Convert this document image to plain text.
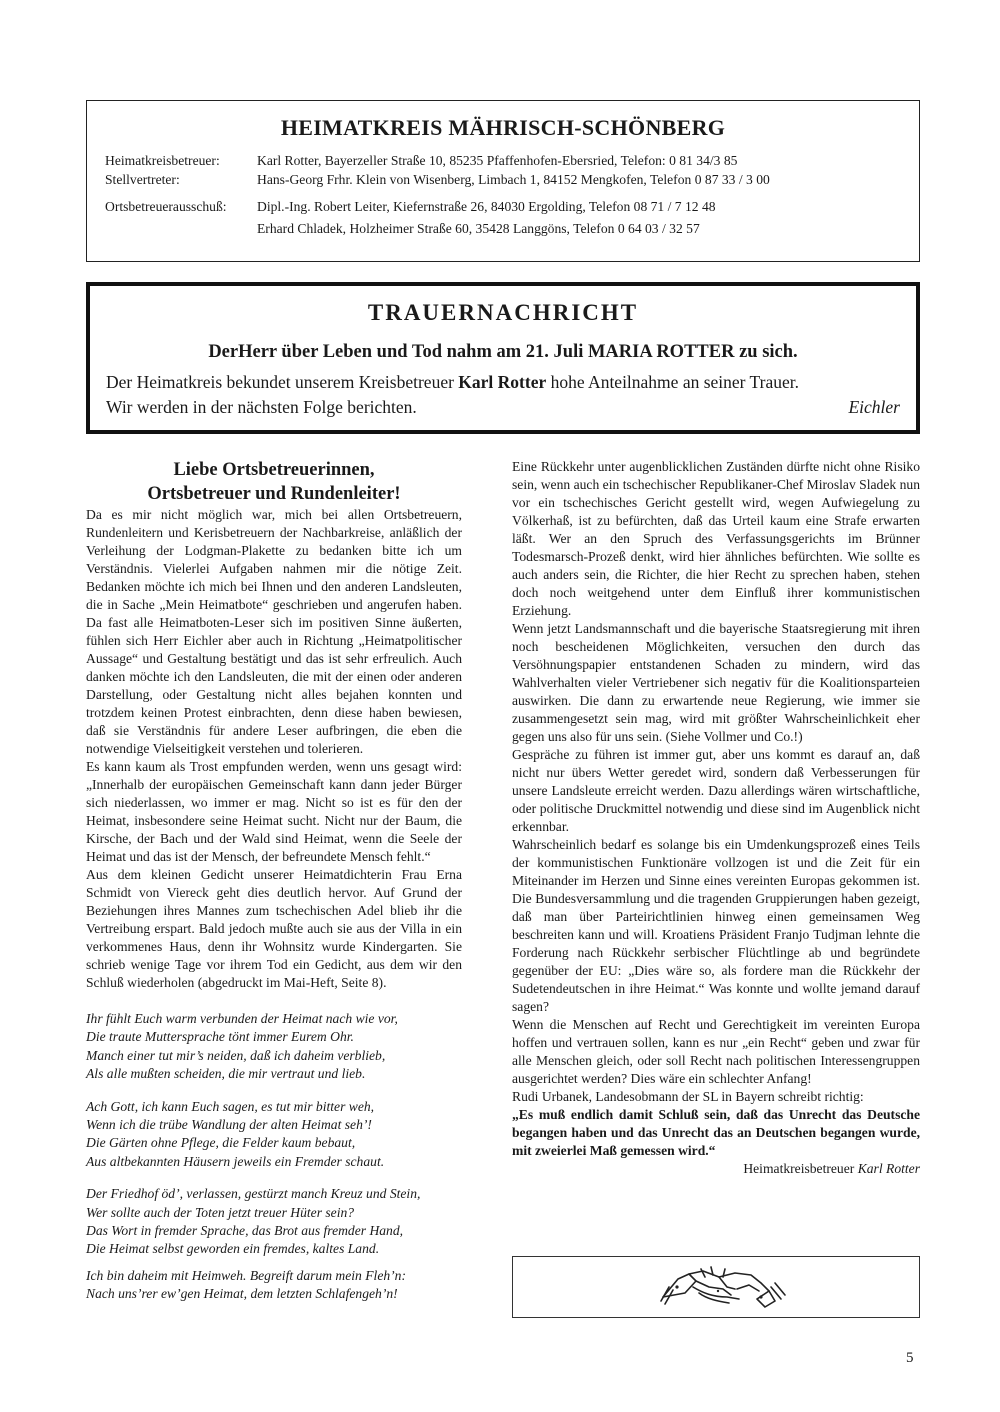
HEIMATKREIS MÄHRISCH-SCHÖNBERG
Heimatkreisbetreuer:	Karl Rotter, Bayerzeller Straße 10, 85235 Pfaffenhofen-Ebersried, Telefon: 0 81 34/3 85
Stellvertreter:	Hans-Georg Frhr. Klein von Wisenberg, Limbach 1, 84152 Mengkofen, Telefon 0 87 33 / 3 00
Ortsbetreuerausschuß: Dipl.-Ing. Robert Leiter, Kiefernstraße 26, 84030 Ergolding, Telefon 08 71 / 7 12 48
Erhard Chladek, Holzheimer Straße 60, 35428 Langgöns, Telefon 0 64 03 / 32 57
TRAUERNACHRICHT
DerHerr über Leben und Tod nahm am 21. Juli MARIA ROTTER zu sich.
Der Heimatkreis bekundet unserem Kreisbetreuer Karl Rotter hohe Anteilnahme an seiner Trauer.
Wir werden in der nächsten Folge berichten.	Eichler
Liebe Ortsbetreuerinnen,
Ortsbetreuer und Rundenleiter!

Da es mir nicht möglich war, mich bei allen Ortsbetreuern, Rundenleitern und Kerisbetreuern der Nachbarkreise, anläßlich der Verleihung der Lodgman-Plakette zu bedanken bitte ich um Verständnis. Vielerlei Aufgaben nahmen mir die nötige Zeit. Bedanken möchte ich mich bei Ihnen und den anderen Landsleuten, die in Sache „Mein Heimatbote“ geschrieben und angerufen haben. Da fast alle Heimatboten-Leser sich im positiven Sinne äußerten, fühlen sich Herr Eichler aber auch in Richtung „Heimatpolitischer Aussage“ und Gestaltung bestätigt und das ist sehr erfreulich. Auch danken möchte ich den Landsleuten, die mit der einen oder anderen Darstellung, oder Gestaltung nicht alles bejahen konnten und trotzdem keinen Protest einbrachten, denn diese haben bewiesen, daß sie Verständnis für andere Leser aufbringen, die eben die notwendige Vielseitigkeit verstehen und tolerieren.

Es kann kaum als Trost empfunden werden, wenn uns gesagt wird: „Innerhalb der europäischen Gemeinschaft kann dann jeder Bürger sich niederlassen, wo immer er mag. Nicht so ist es für den der Heimat, insbesondere seine Heimat sucht. Nicht nur der Baum, die Kirsche, der Bach und der Wald sind Heimat, wenn die Seele der Heimat und das ist der Mensch, der befreundete Mensch fehlt.“

Aus dem kleinen Gedicht unserer Heimatdichterin Frau Erna Schmidt von Viereck geht dies deutlich hervor. Auf Grund der Beziehungen ihres Mannes zum tschechischen Adel blieb ihr die Vertreibung erspart. Bald jedoch mußte auch sie aus der Villa in ein verkommenes Haus, denn ihr Wohnsitz wurde Kindergarten. Sie schrieb wenige Tage vor ihrem Tod ein Gedicht, aus dem wir den Schluß wiederholen (abgedruckt im Mai-Heft, Seite 8).

Ihr fühlt Euch warm verbunden der Heimat nach wie vor,
Die traute Muttersprache tönt immer Eurem Ohr.
Manch einer tut mir’s neiden, daß ich daheim verblieb,
Als alle mußten scheiden, die mir vertraut und lieb.
Ach Gott, ich kann Euch sagen, es tut mir bitter weh,
Wenn ich die trübe Wandlung der alten Heimat seh’!
Die Gärten ohne Pflege, die Felder kaum bebaut,
Aus altbekannten Häusern jeweils ein Fremder schaut.
Der Friedhof öd’, verlassen, gestürzt manch Kreuz und Stein,
Wer sollte auch der Toten jetzt treuer Hüter sein?
Das Wort in fremder Sprache, das Brot aus fremder Hand,
Die Heimat selbst geworden ein fremdes, kaltes Land.
Ich bin daheim mit Heimweh. Begreift darum mein Fleh’n:
Nach uns’rer ew’gen Heimat, dem letzten Schlafengeh’n!

Eine Rückkehr unter augenblicklichen Zuständen dürfte nicht ohne Risiko sein, wenn auch ein tschechischer Republikaner-Chef Miroslav Sladek nun vor ein tschechisches Gericht gestellt wird, wegen Aufwiegelung zu Völkerhaß, ist zu befürchten, daß das Urteil kaum eine Strafe erwarten läßt. Wer an den Spruch des Verfassungsgerichts im Brünner Todesmarsch-Prozeß denkt, wird hier ähnliches befürchten. Wie sollte es auch anders sein, die Richter, die hier Recht zu sprechen haben, stehen doch noch weitgehend unter dem Einfluß ihrer kommunistischen Erziehung.

Wenn jetzt Landsmannschaft und die bayerische Staatsregierung mit ihren noch bescheidenen Möglichkeiten, versuchen den durch das Versöhnungspapier entstandenen Schaden zu mindern, wird das Wahlverhalten vieler Vertriebener sich negativ für die Koalitionsparteien auswirken. Die dann zu erwartende neue Regierung, wie immer sie zusammengesetzt sein mag, wird mit größter Wahrscheinlichkeit eher gegen uns also für uns sein. (Siehe Vollmer und Co.!)

Gespräche zu führen ist immer gut, aber uns kommt es darauf an, daß nicht nur übers Wetter geredet wird, sondern daß Verbesserungen für unsere Landsleute erreicht werden. Dazu allerdings wären wirtschaftliche, oder politische Druckmittel notwendig und diese sind im Augenblick nicht erkennbar.

Wahrscheinlich bedarf es solange bis ein Umdenkungsprozeß eines Teils der kommunistischen Funktionäre vollzogen ist und die Zeit für ein Miteinander im Herzen und Sinne eines vereinten Europas gekommen ist. Die Bundesversammlung und die tragenden Gruppierungen haben gezeigt, daß man über Parteirichtlinien hinweg einen gemeinsamen Weg beschreiten kann und will. Kroatiens Präsident Franjo Tudjman lehnte die Forderung nach Rückkehr serbischer Flüchtlinge ab und begründete gegenüber der EU: „Dies wäre so, als fordere man die Rückkehr der Sudetendeutschen in ihre Heimat.“ Was konnte und wollte jemand darauf sagen?

Wenn die Menschen auf Recht und Gerechtigkeit im vereinten Europa hoffen und vertrauen sollen, kann es nur „ein Recht“ geben und zwar für alle Menschen gleich, oder soll Recht nach politischen Interessengruppen ausgerichtet werden? Dies wäre ein schlechter Anfang!

Rudi Urbanek, Landesobmann der SL in Bayern schreibt richtig:

„Es muß endlich damit Schluß sein, daß das Unrecht das Deutsche begangen haben und das Unrecht das an Deutschen begangen wurde, mit zweierlei Maß gemessen wird.“

Heimatkreisbetreuer Karl Rotter

5
